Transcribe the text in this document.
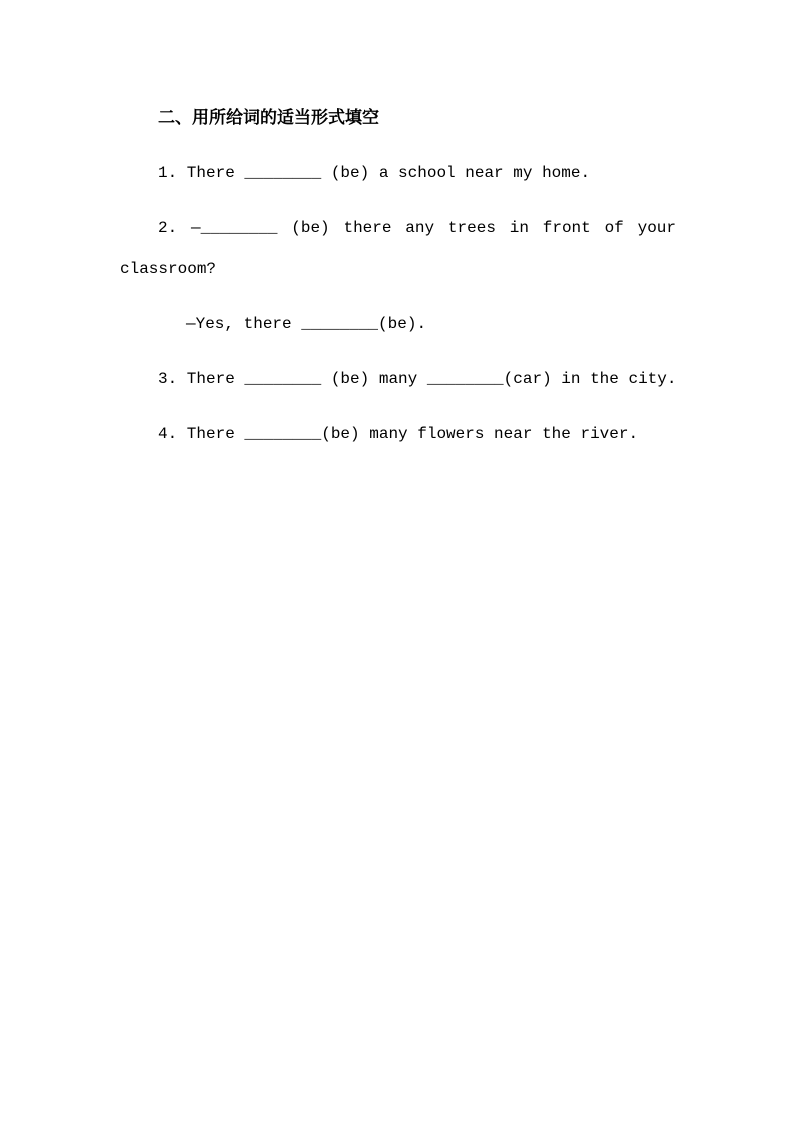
二、用所给词的适当形式填空

1. There ________ (be) a school near my home.

2. —________ (be) there any trees in front of your

classroom?

—Yes, there ________(be).

3. There ________ (be) many ________(car) in the city.

4. There ________(be) many flowers near the river.
